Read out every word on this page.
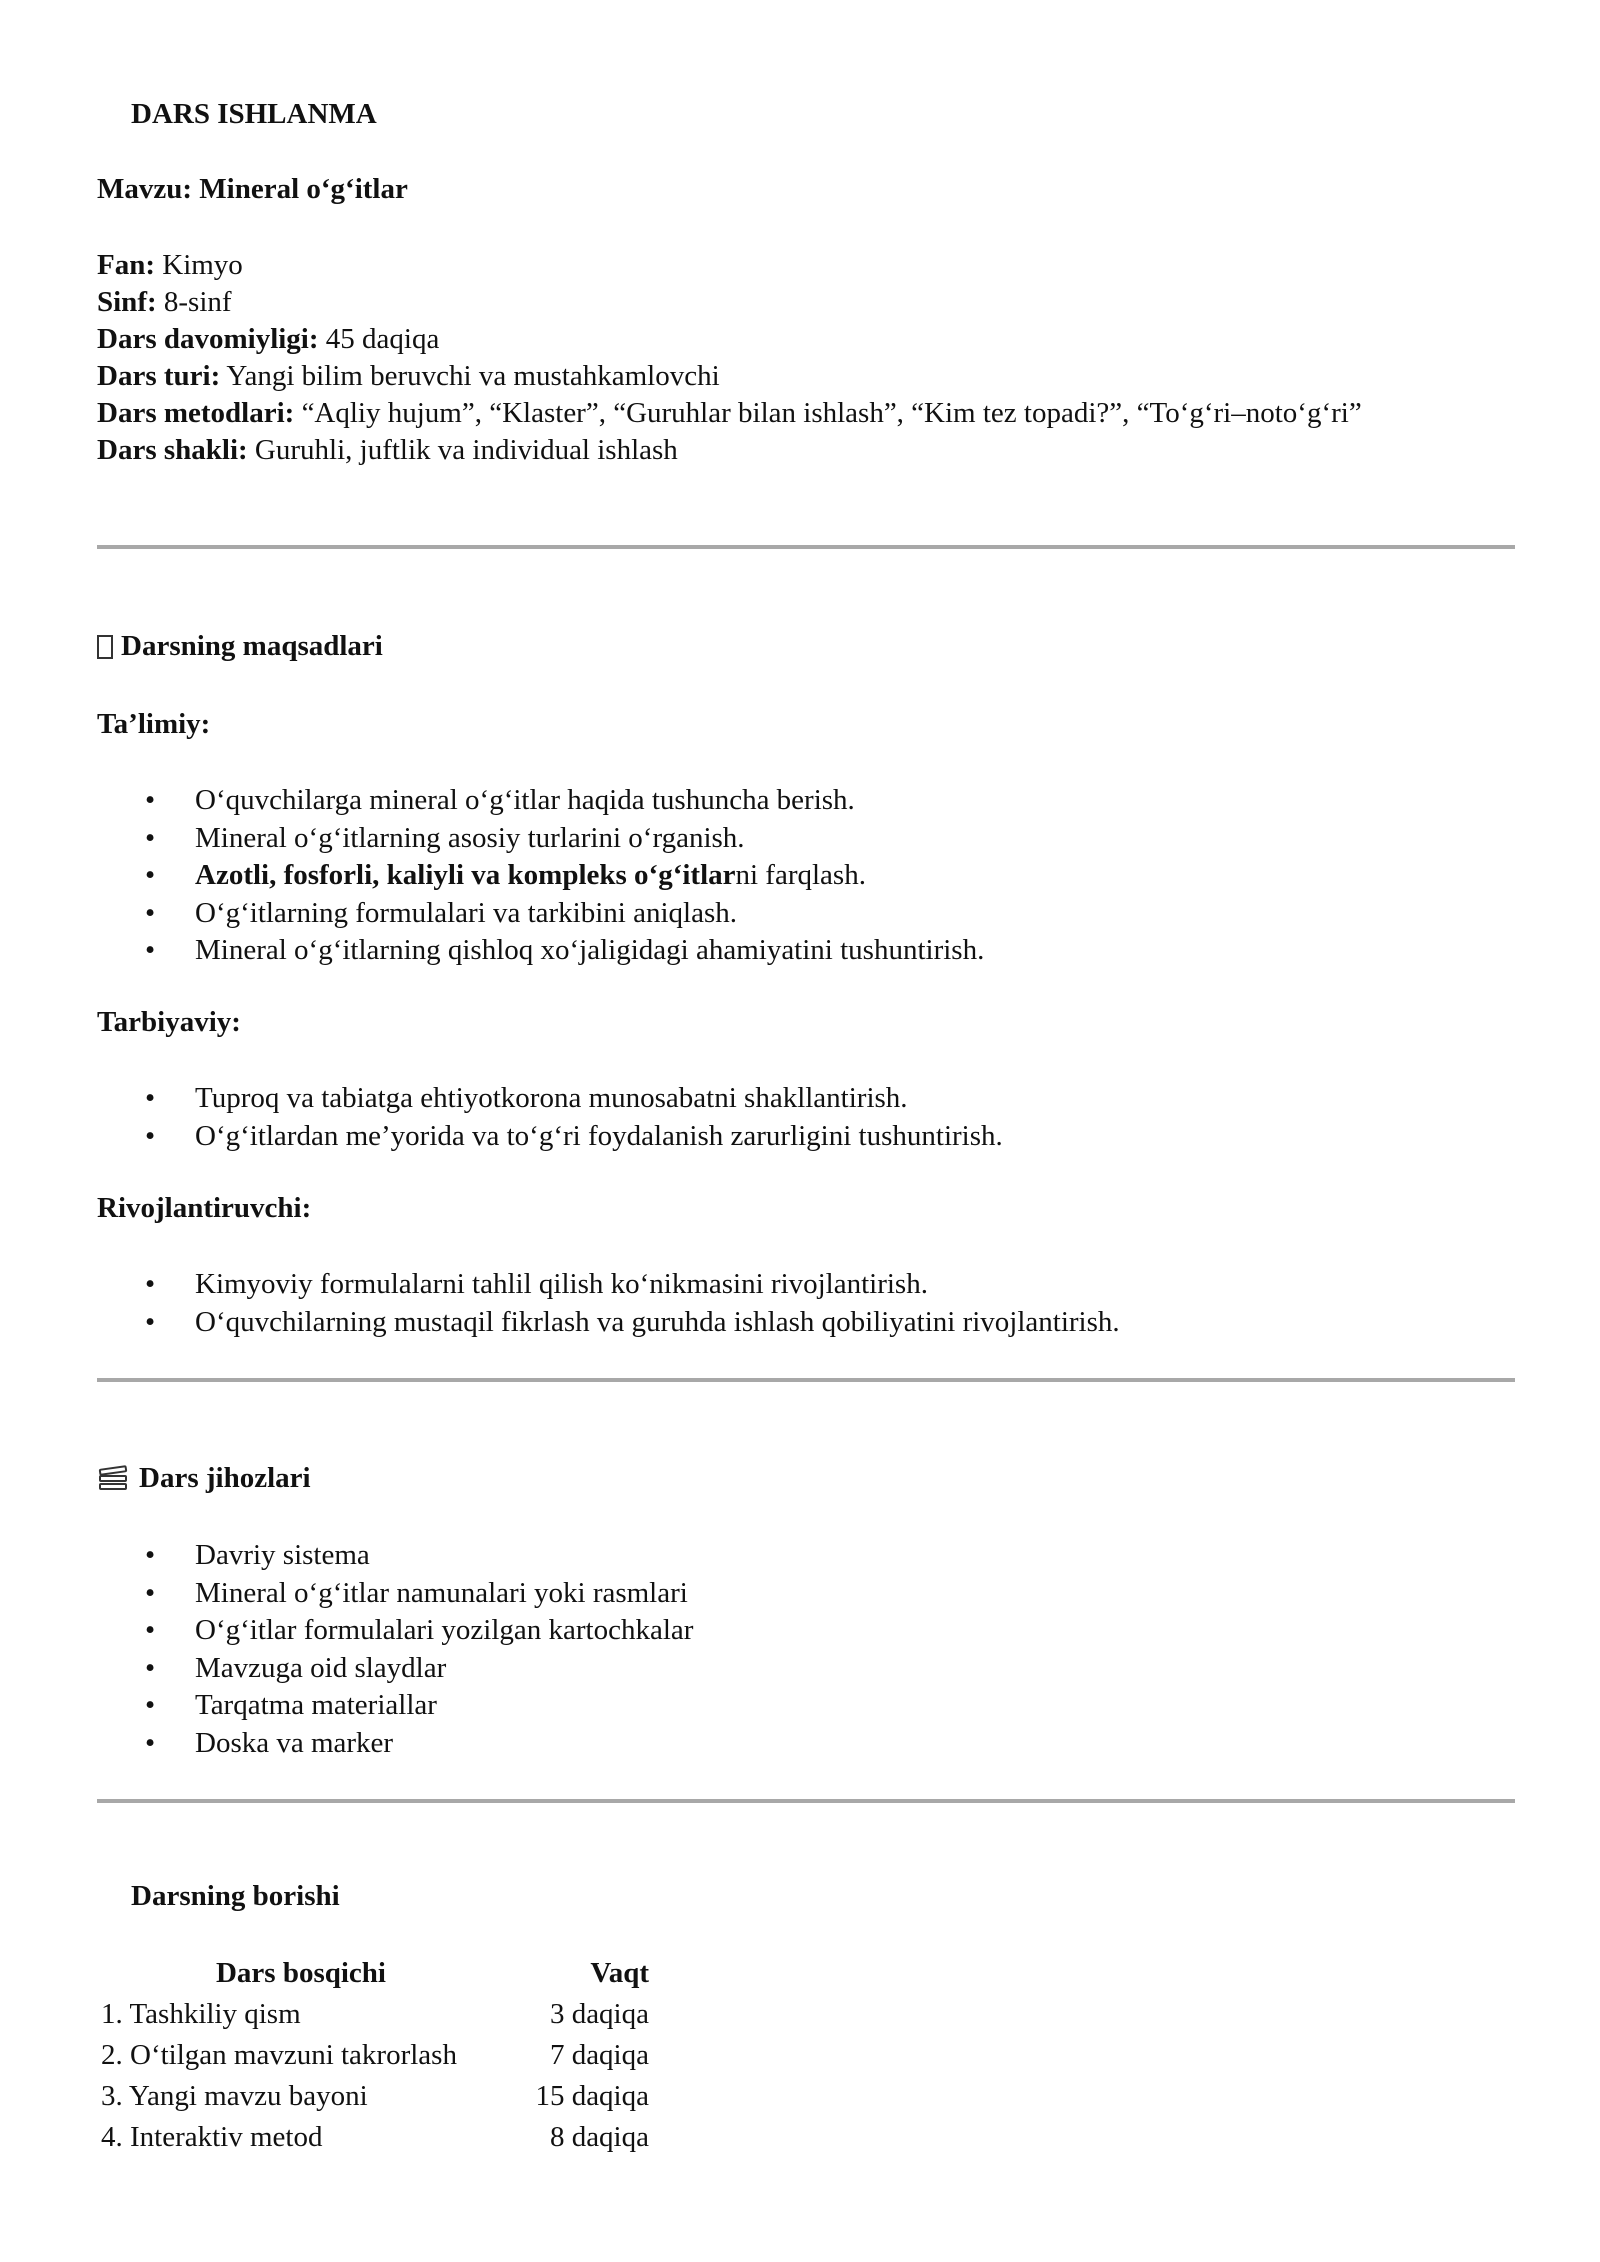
DARS ISHLANMA
Mavzu: Mineral o‘g‘itlar
Fan: Kimyo
Sinf: 8-sinf
Dars davomiyligi: 45 daqiqa
Dars turi: Yangi bilim beruvchi va mustahkamlovchi
Dars metodlari: “Aqliy hujum”, “Klaster”, “Guruhlar bilan ishlash”, “Kim tez topadi?”, “To‘g‘ri–noto‘g‘ri”
Dars shakli: Guruhli, juftlik va individual ishlash
Darsning maqsadlari
Ta’limiy:
• O‘quvchilarga mineral o‘g‘itlar haqida tushuncha berish.
• Mineral o‘g‘itlarning asosiy turlarini o‘rganish.
• Azotli, fosforli, kaliyli va kompleks o‘g‘itlarni farqlash.
• O‘g‘itlarning formulalari va tarkibini aniqlash.
• Mineral o‘g‘itlarning qishloq xo‘jaligidagi ahamiyatini tushuntirish.
Tarbiyaviy:
• Tuproq va tabiatga ehtiyotkorona munosabatni shakllantirish.
• O‘g‘itlardan me’yorida va to‘g‘ri foydalanish zarurligini tushuntirish.
Rivojlantiruvchi:
• Kimyoviy formulalarni tahlil qilish ko‘nikmasini rivojlantirish.
• O‘quvchilarning mustaqil fikrlash va guruhda ishlash qobiliyatini rivojlantirish.
Dars jihozlari
• Davriy sistema
• Mineral o‘g‘itlar namunalari yoki rasmlari
• O‘g‘itlar formulalari yozilgan kartochkalar
• Mavzuga oid slaydlar
• Tarqatma materiallar
• Doska va marker
Darsning borishi
Dars bosqichi	Vaqt
1. Tashkiliy qism	3 daqiqa
2. O‘tilgan mavzuni takrorlash	7 daqiqa
3. Yangi mavzu bayoni	15 daqiqa
4. Interaktiv metod	8 daqiqa
